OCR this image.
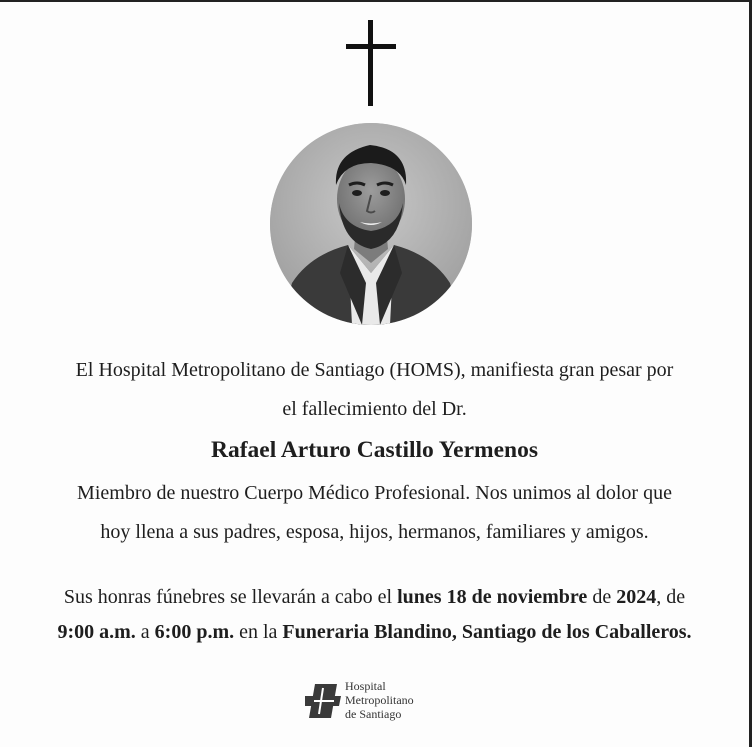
El Hospital Metropolitano de Santiago (HOMS), manifiesta gran pesar por
el fallecimiento del Dr.
Rafael Arturo Castillo Yermenos
Miembro de nuestro Cuerpo Médico Profesional. Nos unimos al dolor que
hoy llena a sus padres, esposa, hijos, hermanos, familiares y amigos.
Sus honras fúnebres se llevarán a cabo el lunes 18 de noviembre de 2024, de
9:00 a.m. a 6:00 p.m. en la Funeraria Blandino, Santiago de los Caballeros.
Hospital
Metropolitano
de Santiago
